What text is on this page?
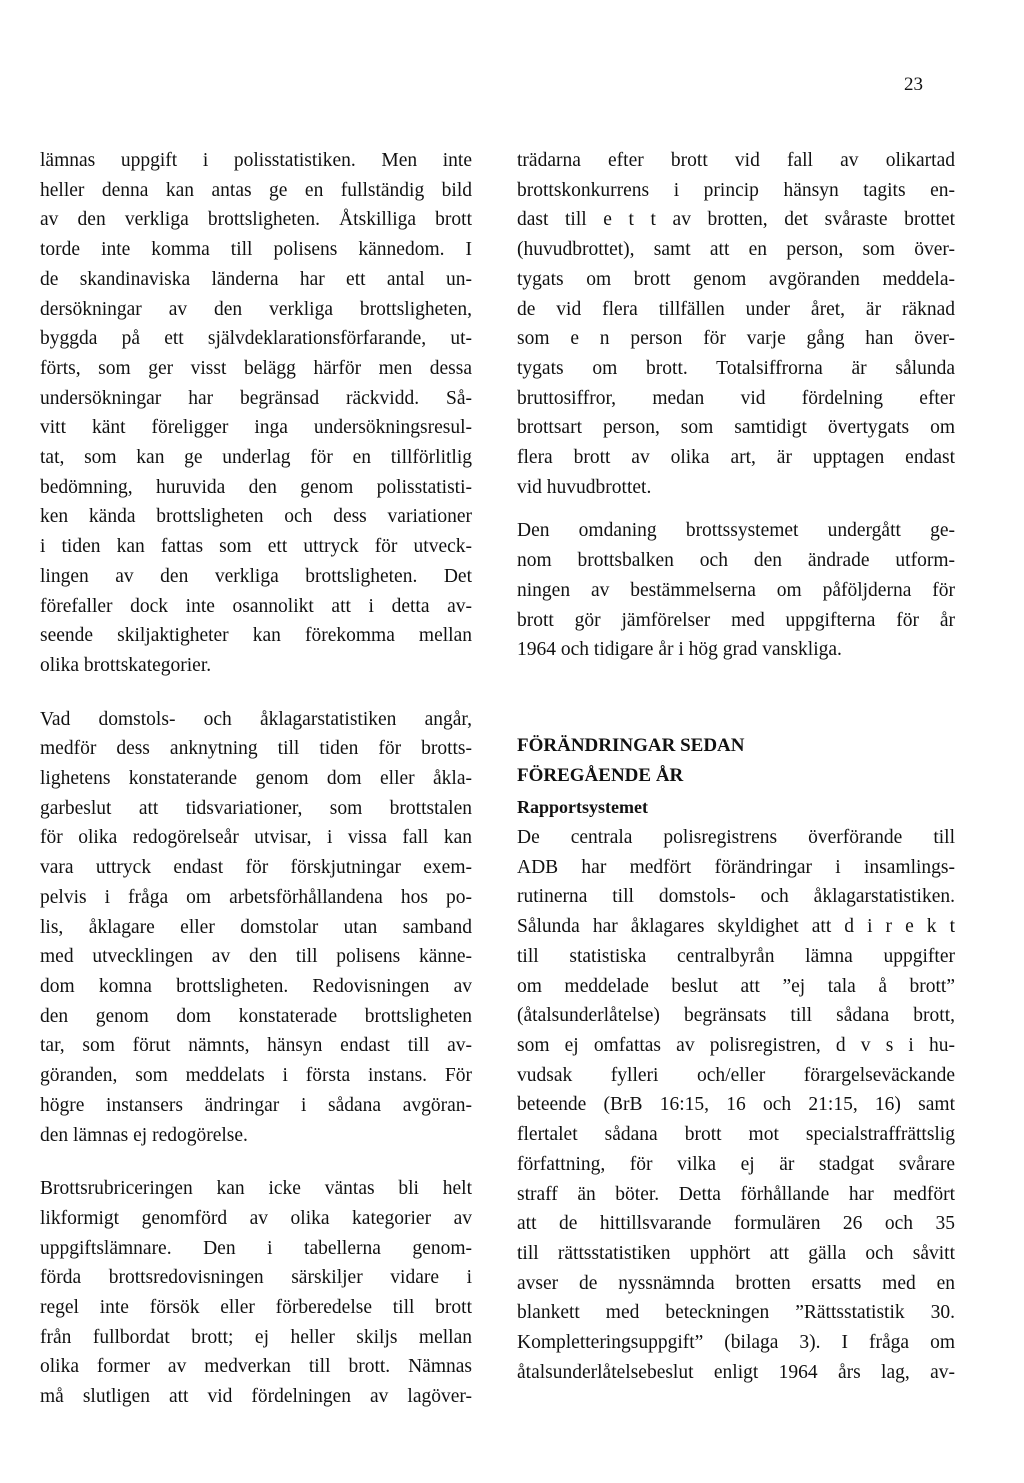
23

lämnas uppgift i polisstatistiken. Men inte
heller denna kan antas ge en fullständig bild
av den verkliga brottsligheten. Åtskilliga brott
torde inte komma till polisens kännedom. I
de skandinaviska länderna har ett antal un-
dersökningar av den verkliga brottsligheten,
byggda på ett självdeklarationsförfarande, ut-
förts, som ger visst belägg härför men dessa
undersökningar har begränsad räckvidd. Så-
vitt känt föreligger inga undersökningsresul-
tat, som kan ge underlag för en tillförlitlig
bedömning, huruvida den genom polisstatisti-
ken kända brottsligheten och dess variationer
i tiden kan fattas som ett uttryck för utveck-
lingen av den verkliga brottsligheten. Det
förefaller dock inte osannolikt att i detta av-
seende skiljaktigheter kan förekomma mellan
olika brottskategorier.

Vad domstols- och åklagarstatistiken angår,
medför dess anknytning till tiden för brotts-
lighetens konstaterande genom dom eller åkla-
garbeslut att tidsvariationer, som brottstalen
för olika redogörelseår utvisar, i vissa fall kan
vara uttryck endast för förskjutningar exem-
pelvis i fråga om arbetsförhållandena hos po-
lis, åklagare eller domstolar utan samband
med utvecklingen av den till polisens känne-
dom komna brottsligheten. Redovisningen av
den genom dom konstaterade brottsligheten
tar, som förut nämnts, hänsyn endast till av-
göranden, som meddelats i första instans. För
högre instansers ändringar i sådana avgöran-
den lämnas ej redogörelse.

Brottsrubriceringen kan icke väntas bli helt
likformigt genomförd av olika kategorier av
uppgiftslämnare. Den i tabellerna genom-
förda brottsredovisningen särskiljer vidare i
regel inte försök eller förberedelse till brott
från fullbordat brott; ej heller skiljs mellan
olika former av medverkan till brott. Nämnas
må slutligen att vid fördelningen av lagöver-

trädarna efter brott vid fall av olikartad
brottskonkurrens i princip hänsyn tagits en-
dast till e t t av brotten, det svåraste brottet
(huvudbrottet), samt att en person, som över-
tygats om brott genom avgöranden meddela-
de vid flera tillfällen under året, är räknad
som e n person för varje gång han över-
tygats om brott. Totalsiffrorna är sålunda
bruttosiffror, medan vid fördelning efter
brottsart person, som samtidigt övertygats om
flera brott av olika art, är upptagen endast
vid huvudbrottet.

Den omdaning brottssystemet undergått ge-
nom brottsbalken och den ändrade utform-
ningen av bestämmelserna om påföljderna för
brott gör jämförelser med uppgifterna för år
1964 och tidigare år i hög grad vanskliga.

FÖRÄNDRINGAR SEDAN
FÖREGÅENDE ÅR
Rapportsystemet

De centrala polisregistrens överförande till
ADB har medfört förändringar i insamlings-
rutinerna till domstols- och åklagarstatistiken.
Sålunda har åklagares skyldighet att d i r e k t
till statistiska centralbyrån lämna uppgifter
om meddelade beslut att ”ej tala å brott”
(åtalsunderlåtelse) begränsats till sådana brott,
som ej omfattas av polisregistren, d v s i hu-
vudsak fylleri och/eller förargelseväckande
beteende (BrB 16:15, 16 och 21:15, 16) samt
flertalet sådana brott mot specialstraffrättslig
författning, för vilka ej är stadgat svårare
straff än böter. Detta förhållande har medfört
att de hittillsvarande formulären 26 och 35
till rättsstatistiken upphört att gälla och såvitt
avser de nyssnämnda brotten ersatts med en
blankett med beteckningen ”Rättsstatistik 30.
Kompletteringsuppgift” (bilaga 3). I fråga om
åtalsunderlåtelsebeslut enligt 1964 års lag, av-
